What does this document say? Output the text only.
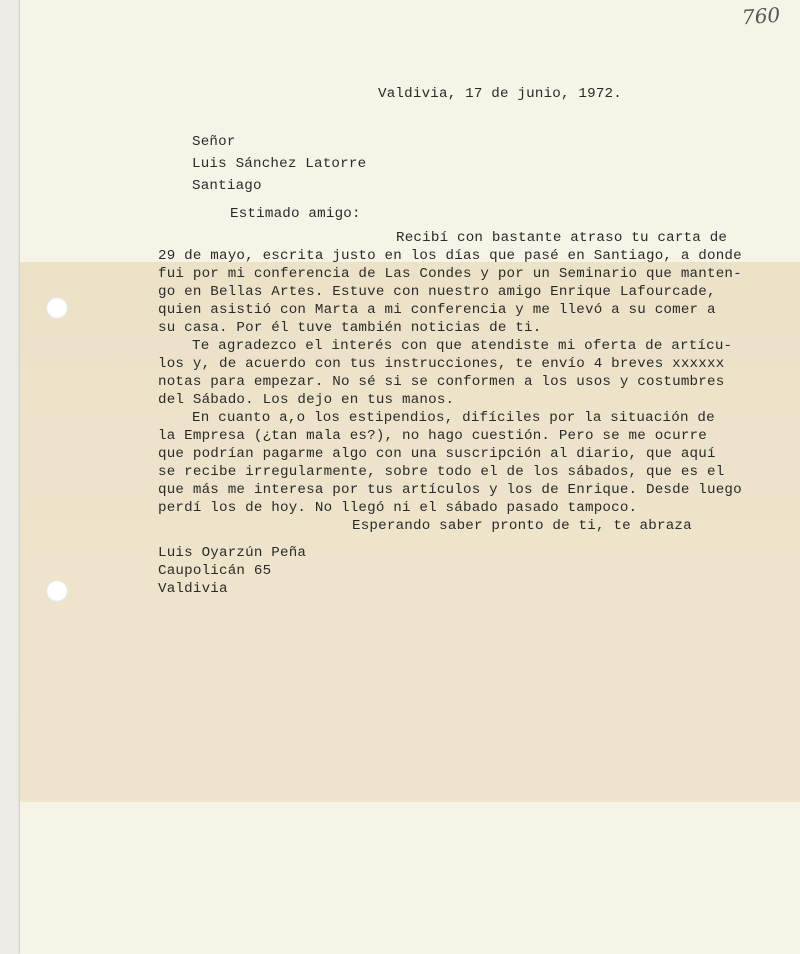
760
Valdivia, 17 de junio, 1972.
Señor
Luis Sánchez Latorre
Santiago
Estimado amigo:
Recibí con bastante atraso tu carta de
29 de mayo, escrita justo en los días que pasé en Santiago, a donde
fui por mi conferencia de Las Condes y por un Seminario que manten-
go en Bellas Artes. Estuve con nuestro amigo Enrique Lafourcade,
quien asistió con Marta a mi conferencia y me llevó a su comer a
su casa. Por él tuve también noticias de ti.
Te agradezco el interés con que atendiste mi oferta de artícu-
los y, de acuerdo con tus instrucciones, te envío 4 breves xxxxxx
notas para empezar. No sé si se conformen a los usos y costumbres
del Sábado. Los dejo en tus manos.
En cuanto a,o los estipendios, difíciles por la situación de
la Empresa (¿tan mala es?), no hago cuestión. Pero se me ocurre
que podrían pagarme algo con una suscripción al diario, que aquí
se recibe irregularmente, sobre todo el de los sábados, que es el
que más me interesa por tus artículos y los de Enrique. Desde luego
perdí los de hoy. No llegó ni el sábado pasado tampoco.
Esperando saber pronto de ti, te abraza
Luis Oyarzún Peña
Caupolicán 65
Valdivia
